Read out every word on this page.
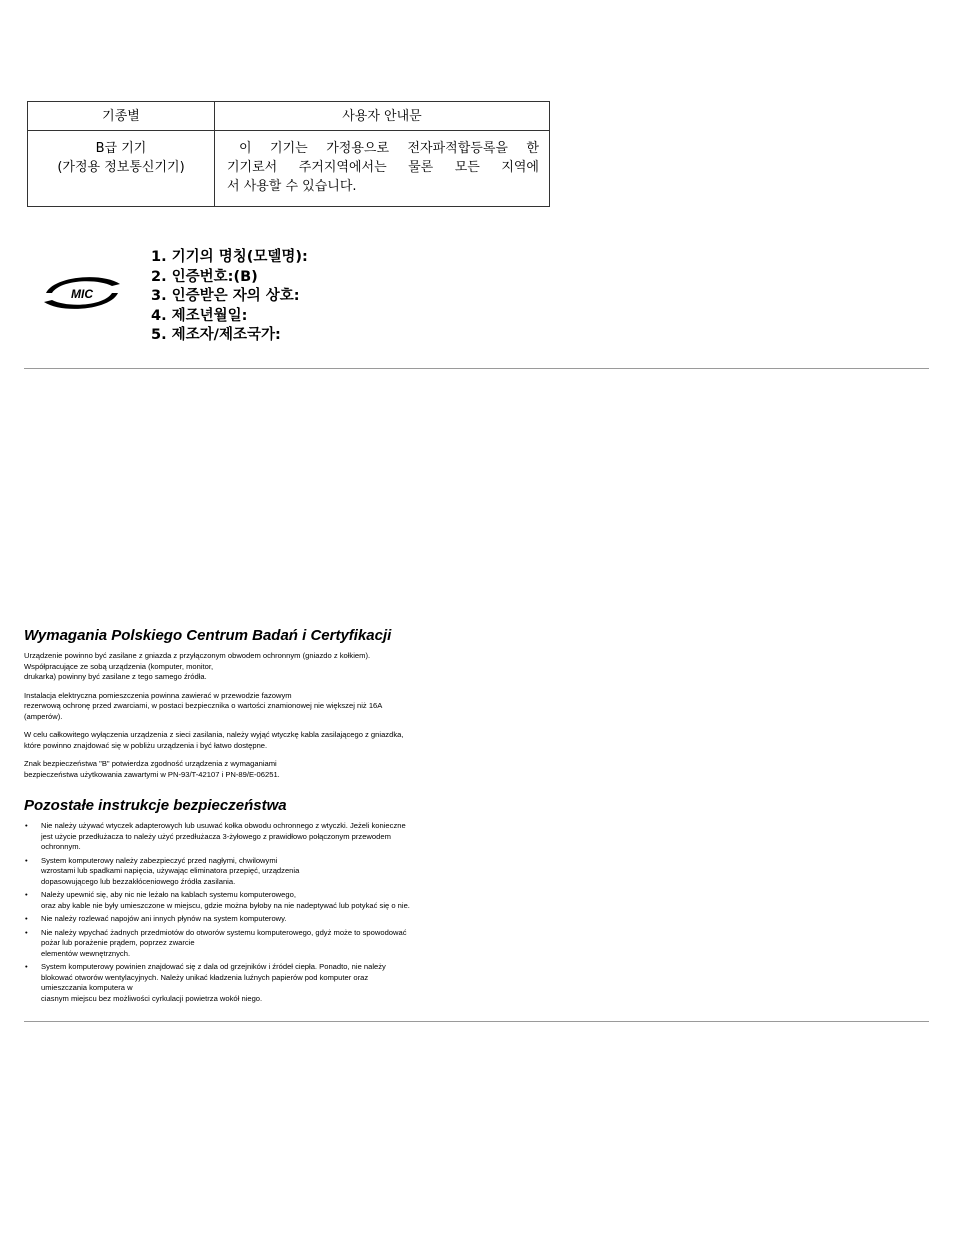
기종별	사용자 안내문

B급 기기
(가정용 정보통신기기)	이 기기는 가정용으로 전자파적합등록을 한
기기로서 주거지역에서는 물론 모든 지역에
서 사용할 수 있습니다.
MIC
1. 기기의 명칭(모델명):
2. 인증번호:(B)
3. 인증받은 자의 상호:
4. 제조년월일:
5. 제조자/제조국가:
Wymagania Polskiego Centrum Badań i Certyfikacji

Urządzenie powinno być zasilane z gniazda z przyłączonym obwodem ochronnym (gniazdo z kołkiem).
Współpracujące ze sobą urządzenia (komputer, monitor,
drukarka) powinny być zasilane z tego samego źródła.

Instalacja elektryczna pomieszczenia powinna zawierać w przewodzie fazowym
rezerwową ochronę przed zwarciami, w postaci bezpiecznika o wartości znamionowej nie większej niż 16A
(amperów).

W celu całkowitego wyłączenia urządzenia z sieci zasilania, należy wyjąć wtyczkę kabla zasilającego z gniazdka,
które powinno znajdować się w pobliżu urządzenia i być łatwo dostępne.

Znak bezpieczeństwa "B" potwierdza zgodność urządzenia z wymaganiami
bezpieczeństwa użytkowania zawartymi w PN-93/T-42107 i PN-89/E-06251.

Pozostałe instrukcje bezpieczeństwa
• Nie należy używać wtyczek adapterowych lub usuwać kołka obwodu ochronnego z wtyczki. Jeżeli konieczne
jest użycie przedłużacza to należy użyć przedłużacza 3-żyłowego z prawidłowo połączonym przewodem
ochronnym.
• System komputerowy należy zabezpieczyć przed nagłymi, chwilowymi
wzrostami lub spadkami napięcia, używając eliminatora przepięć, urządzenia
dopasowującego lub bezzakłóceniowego źródła zasilania.
• Należy upewnić się, aby nic nie leżało na kablach systemu komputerowego,
oraz aby kable nie były umieszczone w miejscu, gdzie można byłoby na nie nadeptywać lub potykać się o nie.
• Nie należy rozlewać napojów ani innych płynów na system komputerowy.
• Nie należy wpychać żadnych przedmiotów do otworów systemu komputerowego, gdyż może to spowodować
pożar lub porażenie prądem, poprzez zwarcie
elementów wewnętrznych.
• System komputerowy powinien znajdować się z dala od grzejników i źródeł ciepła. Ponadto, nie należy
blokować otworów wentylacyjnych. Należy unikać kładzenia luźnych papierów pod komputer oraz
umieszczania komputera w
ciasnym miejscu bez możliwości cyrkulacji powietrza wokół niego.
